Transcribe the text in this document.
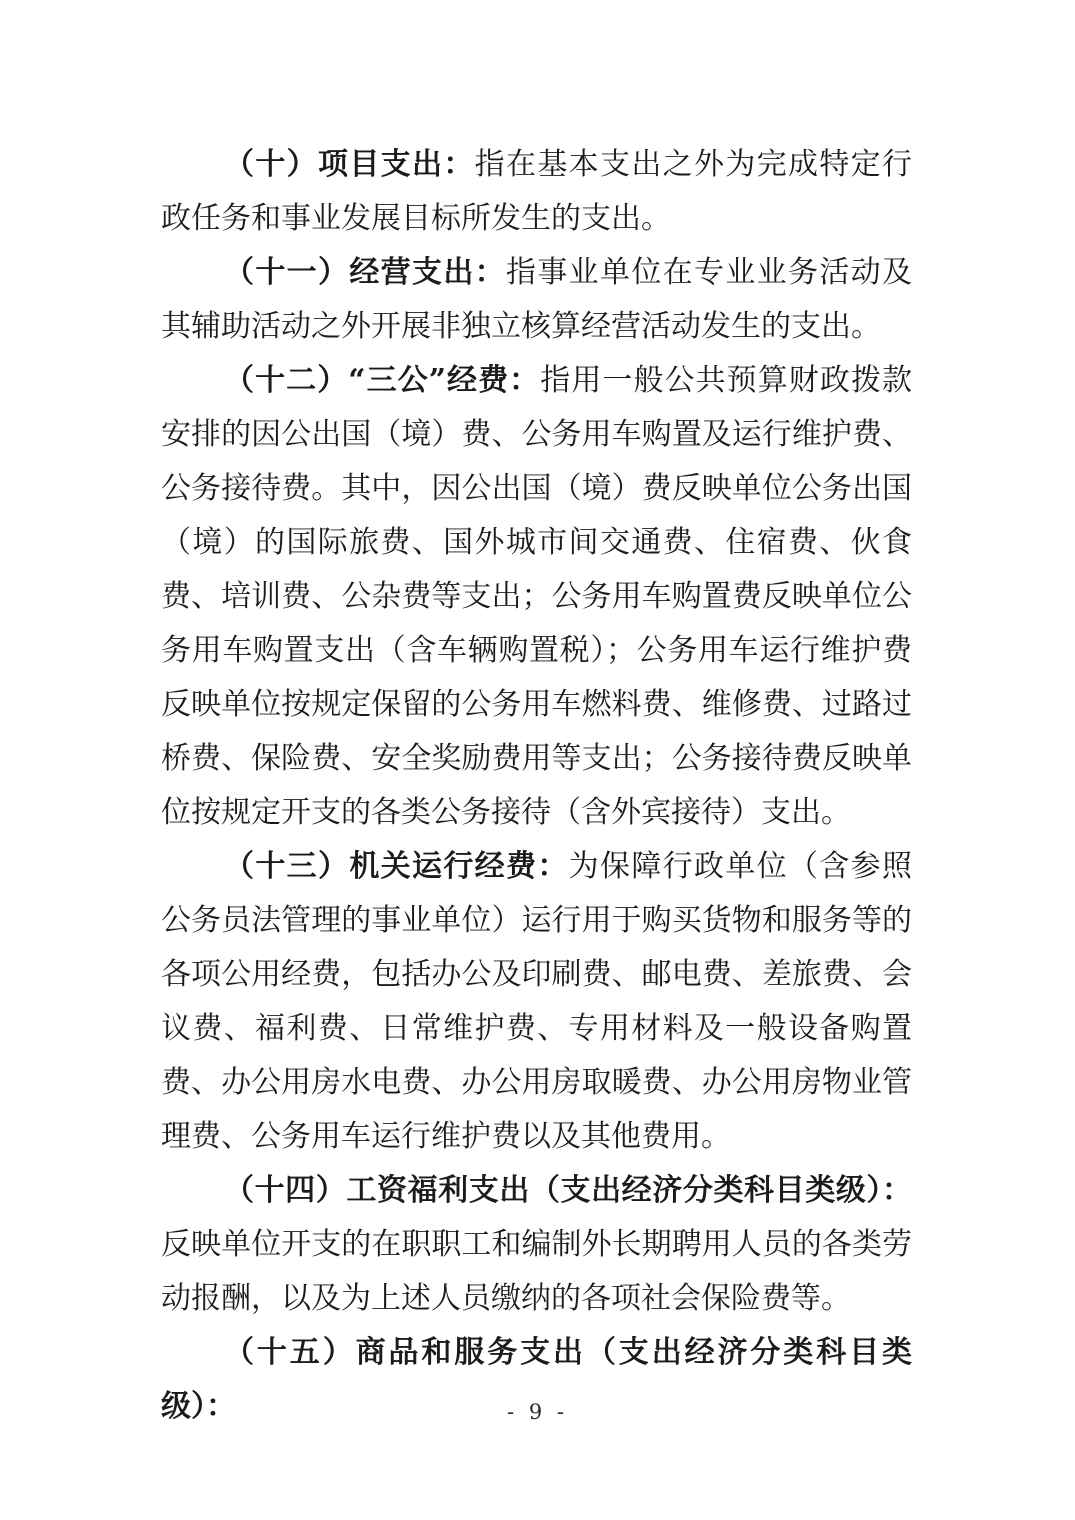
（十）项目支出：指在基本支出之外为完成特定行政任务和事业发展目标所发生的支出。

（十一）经营支出：指事业单位在专业业务活动及其辅助活动之外开展非独立核算经营活动发生的支出。

（十二）“三公”经费：指用一般公共预算财政拨款安排的因公出国（境）费、公务用车购置及运行维护费、公务接待费。其中，因公出国（境）费反映单位公务出国（境）的国际旅费、国外城市间交通费、住宿费、伙食费、培训费、公杂费等支出；公务用车购置费反映单位公务用车购置支出（含车辆购置税）；公务用车运行维护费反映单位按规定保留的公务用车燃料费、维修费、过路过桥费、保险费、安全奖励费用等支出；公务接待费反映单位按规定开支的各类公务接待（含外宾接待）支出。

（十三）机关运行经费：为保障行政单位（含参照公务员法管理的事业单位）运行用于购买货物和服务等的各项公用经费，包括办公及印刷费、邮电费、差旅费、会议费、福利费、日常维护费、专用材料及一般设备购置费、办公用房水电费、办公用房取暖费、办公用房物业管理费、公务用车运行维护费以及其他费用。

（十四）工资福利支出（支出经济分类科目类级）：反映单位开支的在职职工和编制外长期聘用人员的各类劳动报酬，以及为上述人员缴纳的各项社会保险费等。

（十五）商品和服务支出（支出经济分类科目类级）：	- 9 -
